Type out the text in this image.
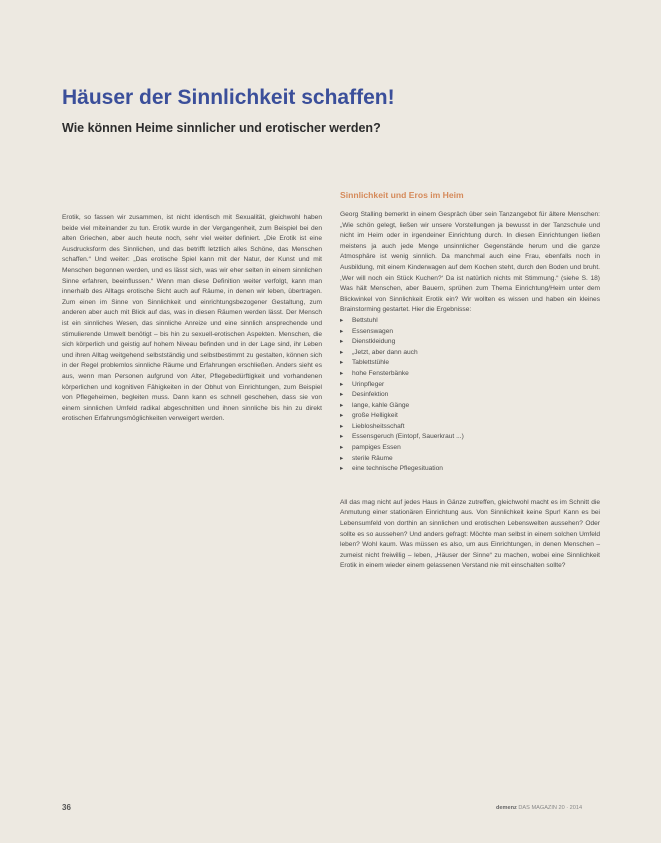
Häuser der Sinnlichkeit schaffen!
Wie können Heime sinnlicher und erotischer werden?

Erotik, so fassen wir zusammen, ist nicht identisch mit Sexualität, gleichwohl haben beide viel miteinander zu tun. Erotik wurde in der Vergangenheit, zum Beispiel bei den alten Griechen, aber auch heute noch, sehr viel weiter definiert. „Die Erotik ist eine Ausdrucksform des Sinnlichen, und das betrifft letztlich alles Schöne, das Menschen schaffen.“ Und weiter: „Das erotische Spiel kann mit der Natur, der Kunst und mit Menschen begonnen werden, und es lässt sich, was wir eher selten in einem sinnlichen Sinne erfahren, beeinflussen.“ Wenn man diese Definition weiter verfolgt, kann man innerhalb des Alltags erotische Sicht auch auf Räume, in denen wir leben, übertragen. Zum einen im Sinne von Sinnlichkeit und einrichtungsbezogener Gestaltung, zum anderen aber auch mit Blick auf das, was in diesen Räumen werden lässt. Der Mensch ist ein sinnliches Wesen, das sinnliche Anreize und eine sinnlich ansprechende und stimulierende Umwelt benötigt – bis hin zu sexuell-erotischen Aspekten. Menschen, die sich körperlich und geistig auf hohem Niveau befinden und in der Lage sind, ihr Leben und ihren Alltag weitgehend selbstständig und selbstbestimmt zu gestalten, können sich in der Regel problemlos sinnliche Räume und Erfahrungen erschließen. Anders sieht es aus, wenn man Personen aufgrund von Alter, Pflegebedürftigkeit und vorhandenen körperlichen und kognitiven Fähigkeiten in der Obhut von Einrichtungen, zum Beispiel von Pflegeheimen, begleiten muss. Dann kann es schnell geschehen, dass sie von einem sinnlichen Umfeld radikal abgeschnitten und ihnen sinnliche bis hin zu direkt erotischen Erfahrungsmöglichkeiten verweigert werden.

Sinnlichkeit und Eros im Heim

Georg Stalling bemerkt in einem Gespräch über sein Tanzangebot für ältere Menschen: „Wie schön gelegt, ließen wir unsere Vorstellungen ja bewusst in der Tanzschule und nicht im Heim oder in irgendeiner Einrichtung durch. In diesen Einrichtungen ließen meistens ja auch jede Menge unsinnlicher Gegenstände herum und die ganze Atmosphäre ist wenig sinnlich. Da manchmal auch eine Frau, ebenfalls noch in Ausbildung, mit einem Kinderwagen auf dem Kochen steht, durch den Boden und bruht. ,Wer will noch ein Stück Kuchen?‘ Da ist natürlich nichts mit Stimmung.“ (siehe S. 18) Was hält Menschen, aber Bauern, sprühen zum Thema Einrichtung/Heim unter dem Blickwinkel von Sinnlichkeit Erotik ein? Wir wollten es wissen und haben ein kleines Brainstorming gestartet. Hier die Ergebnisse:

▸	Bettstuhl
▸	Essenswagen
▸	Dienstkleidung
▸	„Jetzt, aber dann auch
▸	Tablettstühle
▸	hohe Fensterbänke
▸	Urinpfleger
▸	Desinfektion
▸	lange, kahle Gänge
▸	große Helligkeit
▸	Lieblosheitsschaft
▸	Essensgeruch (Eintopf, Sauerkraut ...)
▸	pampiges Essen
▸	sterile Räume
▸	eine technische Pflegesituation

All das mag nicht auf jedes Haus in Gänze zutreffen, gleichwohl macht es im Schnitt die Anmutung einer stationären Einrichtung aus. Von Sinnlichkeit keine Spur! Kann es bei Lebensumfeld von dorthin an sinnlichen und erotischen Lebenswelten aussehen? Oder sollte es so aussehen? Und anders gefragt: Möchte man selbst in einem solchen Umfeld leben? Wohl kaum. Was müssen es also, um aus Einrichtungen, in denen Menschen – zumeist nicht freiwillig – leben, „Häuser der Sinne“ zu machen, wobei eine Sinnlichkeit Erotik in einem wieder einem gelassenen Verstand nie mit einschalten sollte?

36	demenz DAS MAGAZIN 20 · 2014
